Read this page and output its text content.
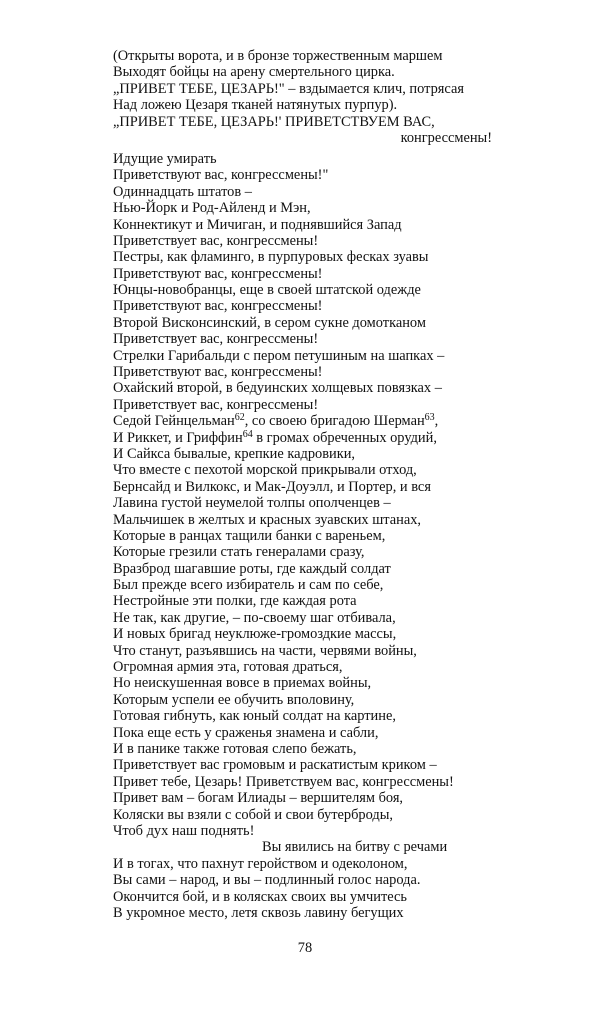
(Открыты ворота, и в бронзе торжественным маршем
Выходят бойцы на арену смертельного цирка.
„ПРИВЕТ ТЕБЕ, ЦЕЗАРЬ!" – вздымается клич, потрясая
Над ложею Цезаря тканей натянутых пурпур).
„ПРИВЕТ ТЕБЕ, ЦЕЗАРЬ!' ПРИВЕТСТВУЕМ ВАС,
конгрессмены!
Идущие умирать
Приветствуют вас, конгрессмены!"
Одиннадцать штатов –
Нью-Йорк и Род-Айленд и Мэн,
Коннектикут и Мичиган, и поднявшийся Запад
Приветствует вас, конгрессмены!
Пестры, как фламинго, в пурпуровых фесках зуавы
Приветствуют вас, конгрессмены!
Юнцы-новобранцы, еще в своей штатской одежде
Приветствуют вас, конгрессмены!
Второй Висконсинский, в сером сукне домотканом
Приветствует вас, конгрессмены!
Стрелки Гарибальди с пером петушиным на шапках –
Приветствуют вас, конгрессмены!
Охайский второй, в бедуинских холщевых повязках –
Приветствует вас, конгрессмены!
Седой Гейнцельман$^{62}$, со своею бригадою Шерман$^{63}$,
И Риккет, и Гриффин$^{64}$ в громах обреченных орудий,
И Сайкса бывалые, крепкие кадровики,
Что вместе с пехотой морской прикрывали отход,
Бернсайд и Вилкокс, и Мак-Доуэлл, и Портер, и вся
Лавина густой неумелой толпы ополченцев –
Мальчишек в желтых и красных зуавских штанах,
Которые в ранцах тащили банки с вареньем,
Которые грезили стать генералами сразу,
Вразброд шагавшие роты, где каждый солдат
Был прежде всего избиратель и сам по себе,
Нестройные эти полки, где каждая рота
Не так, как другие, – по-своему шаг отбивала,
И новых бригад неуклюже-громоздкие массы,
Что станут, разъявшись на части, червями войны,
Огромная армия эта, готовая драться,
Но неискушенная вовсе в приемах войны,
Которым успели ее обучить вполовину,
Готовая гибнуть, как юный солдат на картине,
Пока еще есть у сраженья знамена и сабли,
И в панике также готовая слепо бежать,
Приветствует вас громовым и раскатистым криком –
Привет тебе, Цезарь! Приветствуем вас, конгрессмены!
Привет вам – богам Илиады – вершителям боя,
Коляски вы взяли с собой и свои бутерброды,
Чтоб дух наш поднять!
Вы явились на битву с речами
И в тогах, что пахнут геройством и одеколоном,
Вы сами – народ, и вы – подлинный голос народа.
Окончится бой, и в колясках своих вы умчитесь
В укромное место, летя сквозь лавину бегущих
78
